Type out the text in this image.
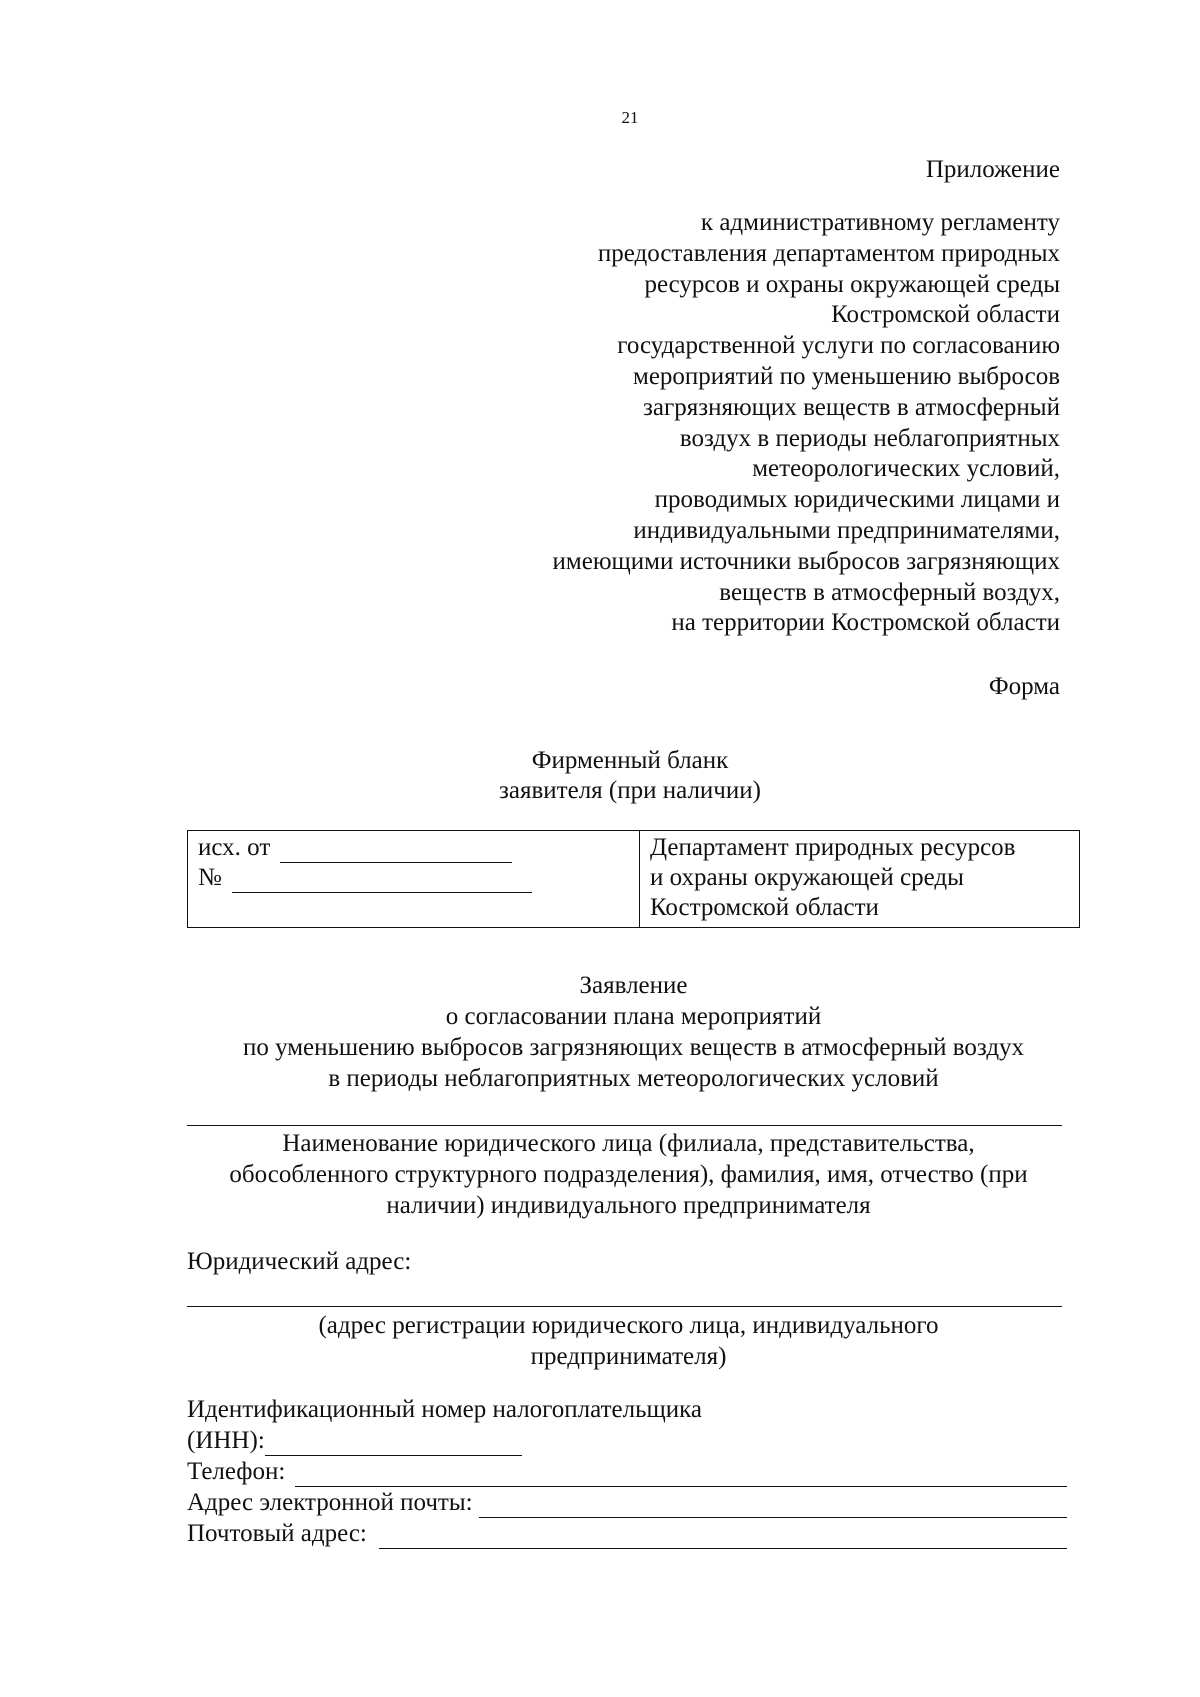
21
Приложение
к административному регламенту
предоставления департаментом природных
ресурсов и охраны окружающей среды
Костромской области
государственной услуги по согласованию
мероприятий по уменьшению выбросов
загрязняющих веществ в атмосферный
воздух в периоды неблагоприятных
метеорологических условий,
проводимых юридическими лицами и
индивидуальными предпринимателями,
имеющими источники выбросов загрязняющих
веществ в атмосферный воздух,
на территории Костромской области
Форма
Фирменный бланк
заявителя (при наличии)
исх. от
№
Департамент природных ресурсов
и охраны окружающей среды
Костромской области
Заявление
о согласовании плана мероприятий
по уменьшению выбросов загрязняющих веществ в атмосферный воздух
в периоды неблагоприятных метеорологических условий
Наименование юридического лица (филиала, представительства,
обособленного структурного подразделения), фамилия, имя, отчество (при
наличии) индивидуального предпринимателя
Юридический адрес:
(адрес регистрации юридического лица, индивидуального
предпринимателя)
Идентификационный номер налогоплательщика
(ИНН):
Телефон:
Адрес электронной почты:
Почтовый адрес:
